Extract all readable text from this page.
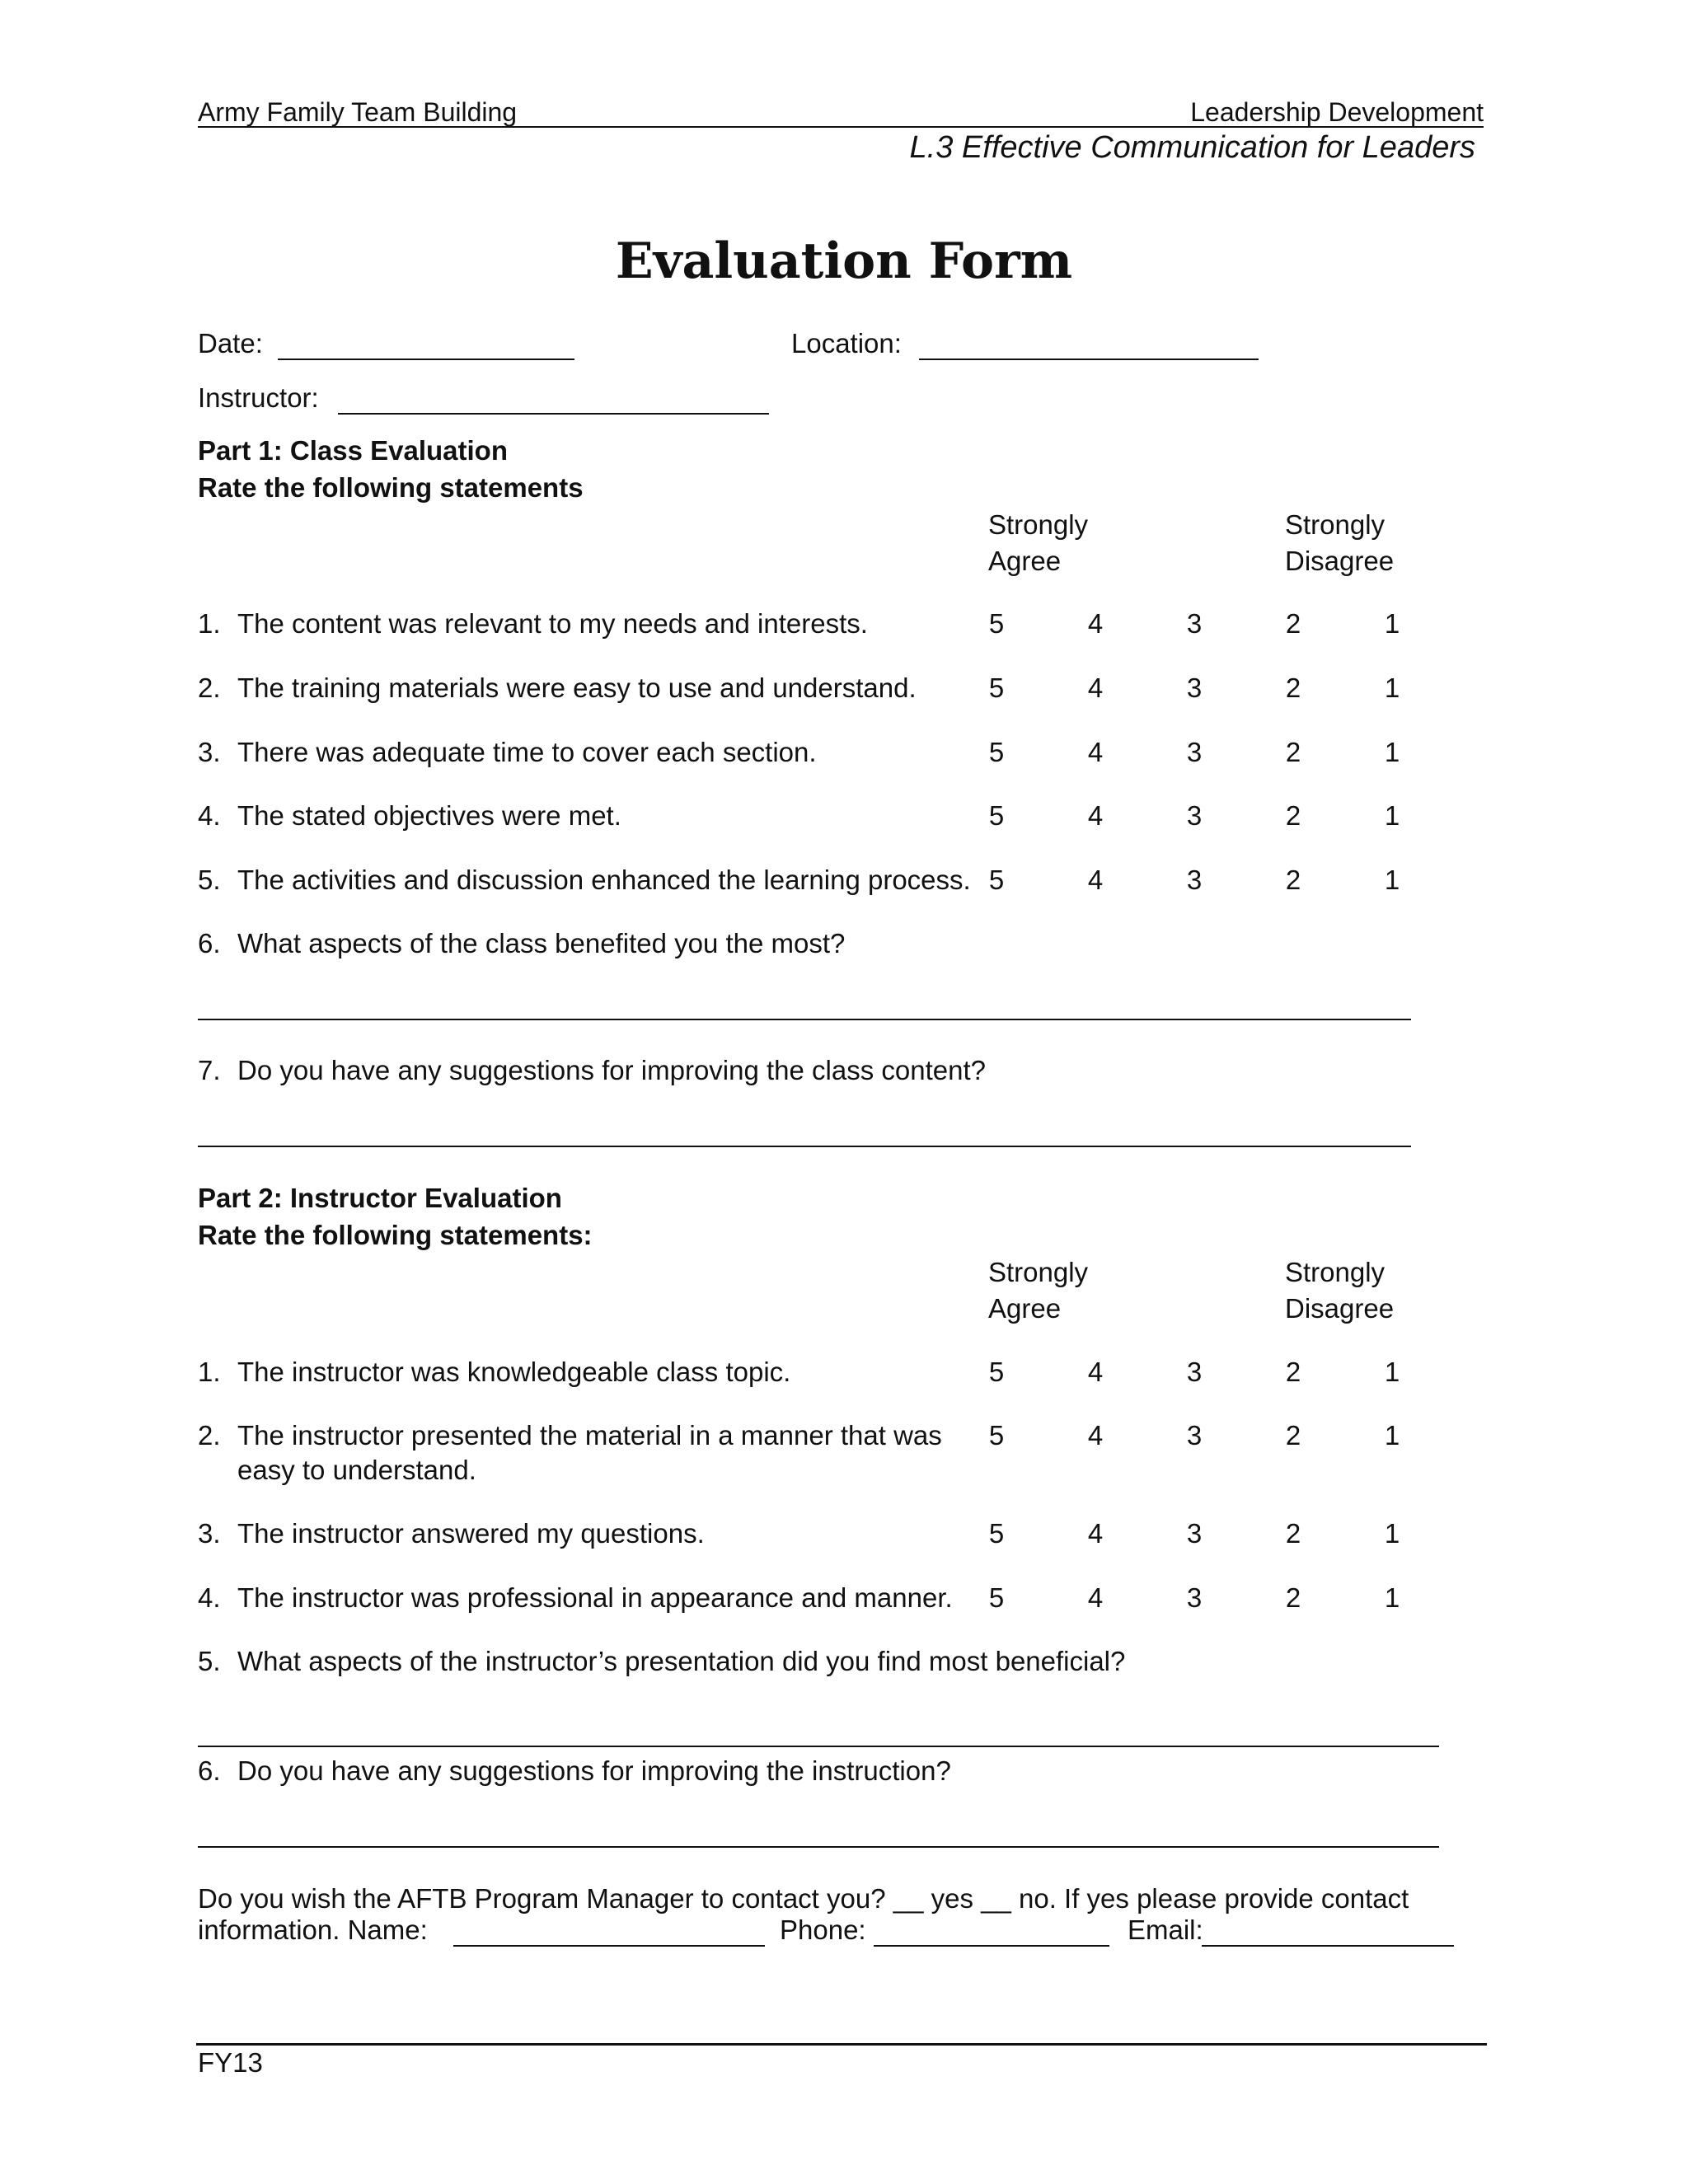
Army Family Team Building	Leadership Development
L.3 Effective Communication for Leaders
Evaluation Form
Date:	Location:
Instructor:
Part 1: Class Evaluation
Rate the following statements
Strongly
Agree
Strongly
Disagree
1. The content was relevant to my needs and interests.	5	4	3	2	1
2. The training materials were easy to use and understand.	5	4	3	2	1
3. There was adequate time to cover each section.	5	4	3	2	1
4. The stated objectives were met.	5	4	3	2	1
5. The activities and discussion enhanced the learning process. 5	4	3	2	1
6. What aspects of the class benefited you the most?
7. Do you have any suggestions for improving the class content?
Part 2: Instructor Evaluation
Rate the following statements:
Strongly
Agree
Strongly
Disagree
1. The instructor was knowledgeable class topic.	5	4	3	2	1
2. The instructor presented the material in a manner that was
easy to understand.
5	4	3	2	1
3. The instructor answered my questions.	5	4	3	2	1
4. The instructor was professional in appearance and manner.	5	4	3	2	1
5. What aspects of the instructor’s presentation did you find most beneficial?
6. Do you have any suggestions for improving the instruction?
Do you wish the AFTB Program Manager to contact you? __ yes __ no. If yes please provide contact
information. Name:	Phone:	Email:
FY13
